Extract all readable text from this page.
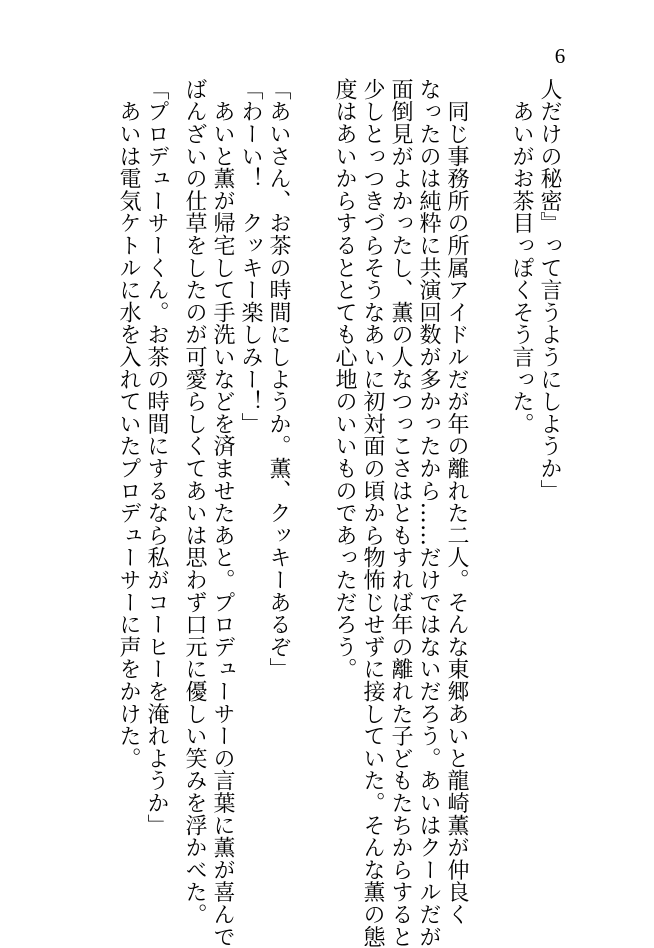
6

人だけの秘密』って言うようにしようか」

　あいがお茶目っぽくそう言った。

　同じ事務所の所属アイドルだが年の離れた二人。そんな東郷あいと龍崎薫が仲良く

なったのは純粋に共演回数が多かったから……だけではないだろう。あいはクールだが

面倒見がよかったし、薫の人なつっこさはともすれば年の離れた子どもたちからすると

少しとっつきづらそうなあいに初対面の頃から物怖じせずに接していた。そんな薫の態

度はあいからするととても心地のいいものであっただろう。

「あいさん、お茶の時間にしようか。薫、クッキーあるぞ」

「わーい！　クッキー楽しみー！」

　あいと薫が帰宅して手洗いなどを済ませたあと。プロデューサーの言葉に薫が喜んで

ばんざいの仕草をしたのが可愛らしくてあいは思わず口元に優しい笑みを浮かべた。

「プロデューサーくん。お茶の時間にするなら私がコーヒーを淹れようか」

　あいは電気ケトルに水を入れていたプロデューサーに声をかけた。
